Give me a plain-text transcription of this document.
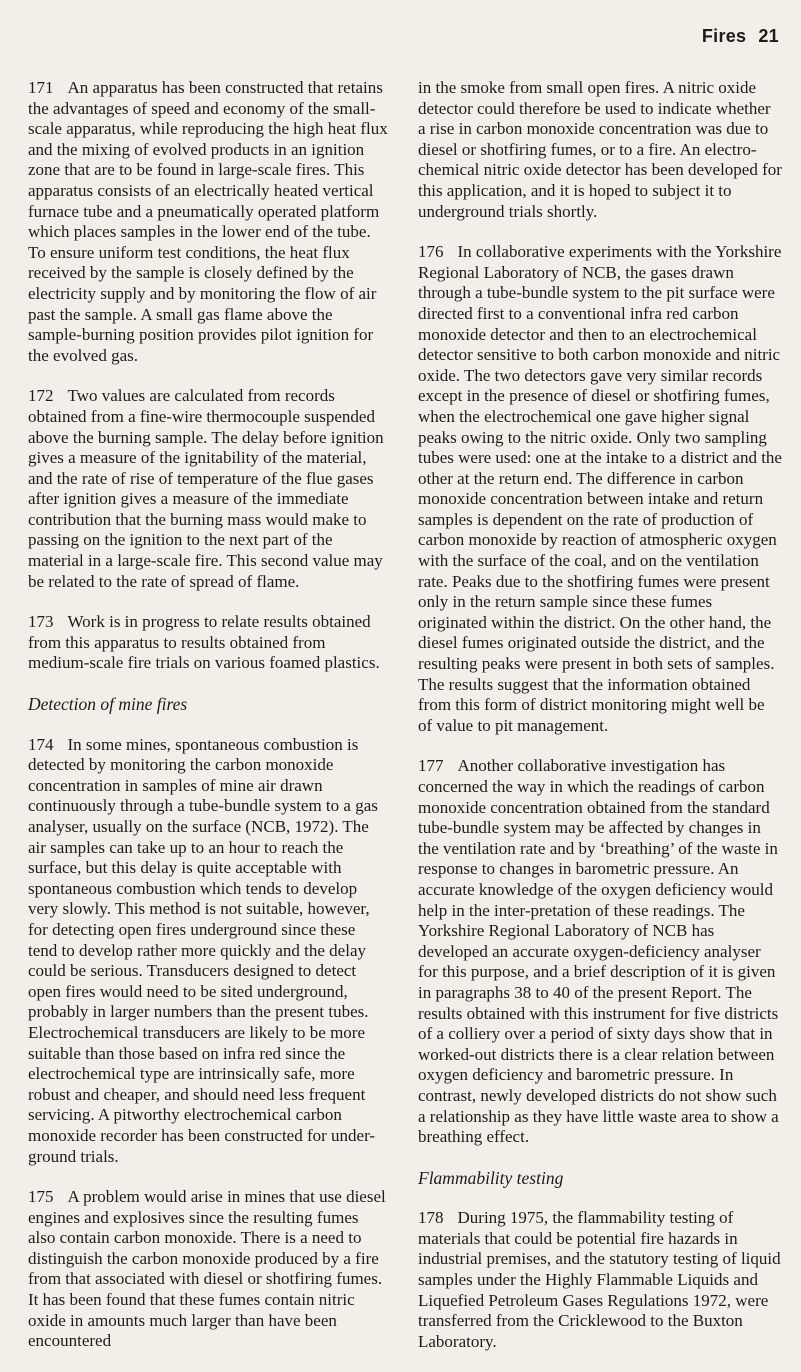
Fires 21

171 An apparatus has been constructed that retains the advantages of speed and economy of the small-scale apparatus, while reproducing the high heat flux and the mixing of evolved products in an ignition zone that are to be found in large-scale fires. This apparatus consists of an electrically heated vertical furnace tube and a pneumatically operated platform which places samples in the lower end of the tube. To ensure uniform test conditions, the heat flux received by the sample is closely defined by the electricity supply and by monitoring the flow of air past the sample. A small gas flame above the sample-burning position provides pilot ignition for the evolved gas.

172 Two values are calculated from records obtained from a fine-wire thermocouple suspended above the burning sample. The delay before ignition gives a measure of the ignitability of the material, and the rate of rise of temperature of the flue gases after ignition gives a measure of the immediate contribution that the burning mass would make to passing on the ignition to the next part of the material in a large-scale fire. This second value may be related to the rate of spread of flame.

173 Work is in progress to relate results obtained from this apparatus to results obtained from medium-scale fire trials on various foamed plastics.

Detection of mine fires

174 In some mines, spontaneous combustion is detected by monitoring the carbon monoxide concentration in samples of mine air drawn continuously through a tube-bundle system to a gas analyser, usually on the surface (NCB, 1972). The air samples can take up to an hour to reach the surface, but this delay is quite acceptable with spontaneous combustion which tends to develop very slowly. This method is not suitable, however, for detecting open fires underground since these tend to develop rather more quickly and the delay could be serious. Transducers designed to detect open fires would need to be sited underground, probably in larger numbers than the present tubes. Electrochemical transducers are likely to be more suitable than those based on infra red since the electrochemical type are intrinsically safe, more robust and cheaper, and should need less frequent servicing. A pitworthy electrochemical carbon monoxide recorder has been constructed for under-ground trials.

175 A problem would arise in mines that use diesel engines and explosives since the resulting fumes also contain carbon monoxide. There is a need to distinguish the carbon monoxide produced by a fire from that associated with diesel or shotfiring fumes. It has been found that these fumes contain nitric oxide in amounts much larger than have been encountered

in the smoke from small open fires. A nitric oxide detector could therefore be used to indicate whether a rise in carbon monoxide concentration was due to diesel or shotfiring fumes, or to a fire. An electro-chemical nitric oxide detector has been developed for this application, and it is hoped to subject it to underground trials shortly.

176 In collaborative experiments with the Yorkshire Regional Laboratory of NCB, the gases drawn through a tube-bundle system to the pit surface were directed first to a conventional infra red carbon monoxide detector and then to an electrochemical detector sensitive to both carbon monoxide and nitric oxide. The two detectors gave very similar records except in the presence of diesel or shotfiring fumes, when the electrochemical one gave higher signal peaks owing to the nitric oxide. Only two sampling tubes were used: one at the intake to a district and the other at the return end. The difference in carbon monoxide concentration between intake and return samples is dependent on the rate of production of carbon monoxide by reaction of atmospheric oxygen with the surface of the coal, and on the ventilation rate. Peaks due to the shotfiring fumes were present only in the return sample since these fumes originated within the district. On the other hand, the diesel fumes originated outside the district, and the resulting peaks were present in both sets of samples. The results suggest that the information obtained from this form of district monitoring might well be of value to pit management.

177 Another collaborative investigation has concerned the way in which the readings of carbon monoxide concentration obtained from the standard tube-bundle system may be affected by changes in the ventilation rate and by ‘breathing’ of the waste in response to changes in barometric pressure. An accurate knowledge of the oxygen deficiency would help in the inter-pretation of these readings. The Yorkshire Regional Laboratory of NCB has developed an accurate oxygen-deficiency analyser for this purpose, and a brief description of it is given in paragraphs 38 to 40 of the present Report. The results obtained with this instrument for five districts of a colliery over a period of sixty days show that in worked-out districts there is a clear relation between oxygen deficiency and barometric pressure. In contrast, newly developed districts do not show such a relationship as they have little waste area to show a breathing effect.

Flammability testing

178 During 1975, the flammability testing of materials that could be potential fire hazards in industrial premises, and the statutory testing of liquid samples under the Highly Flammable Liquids and Liquefied Petroleum Gases Regulations 1972, were transferred from the Cricklewood to the Buxton Laboratory.
